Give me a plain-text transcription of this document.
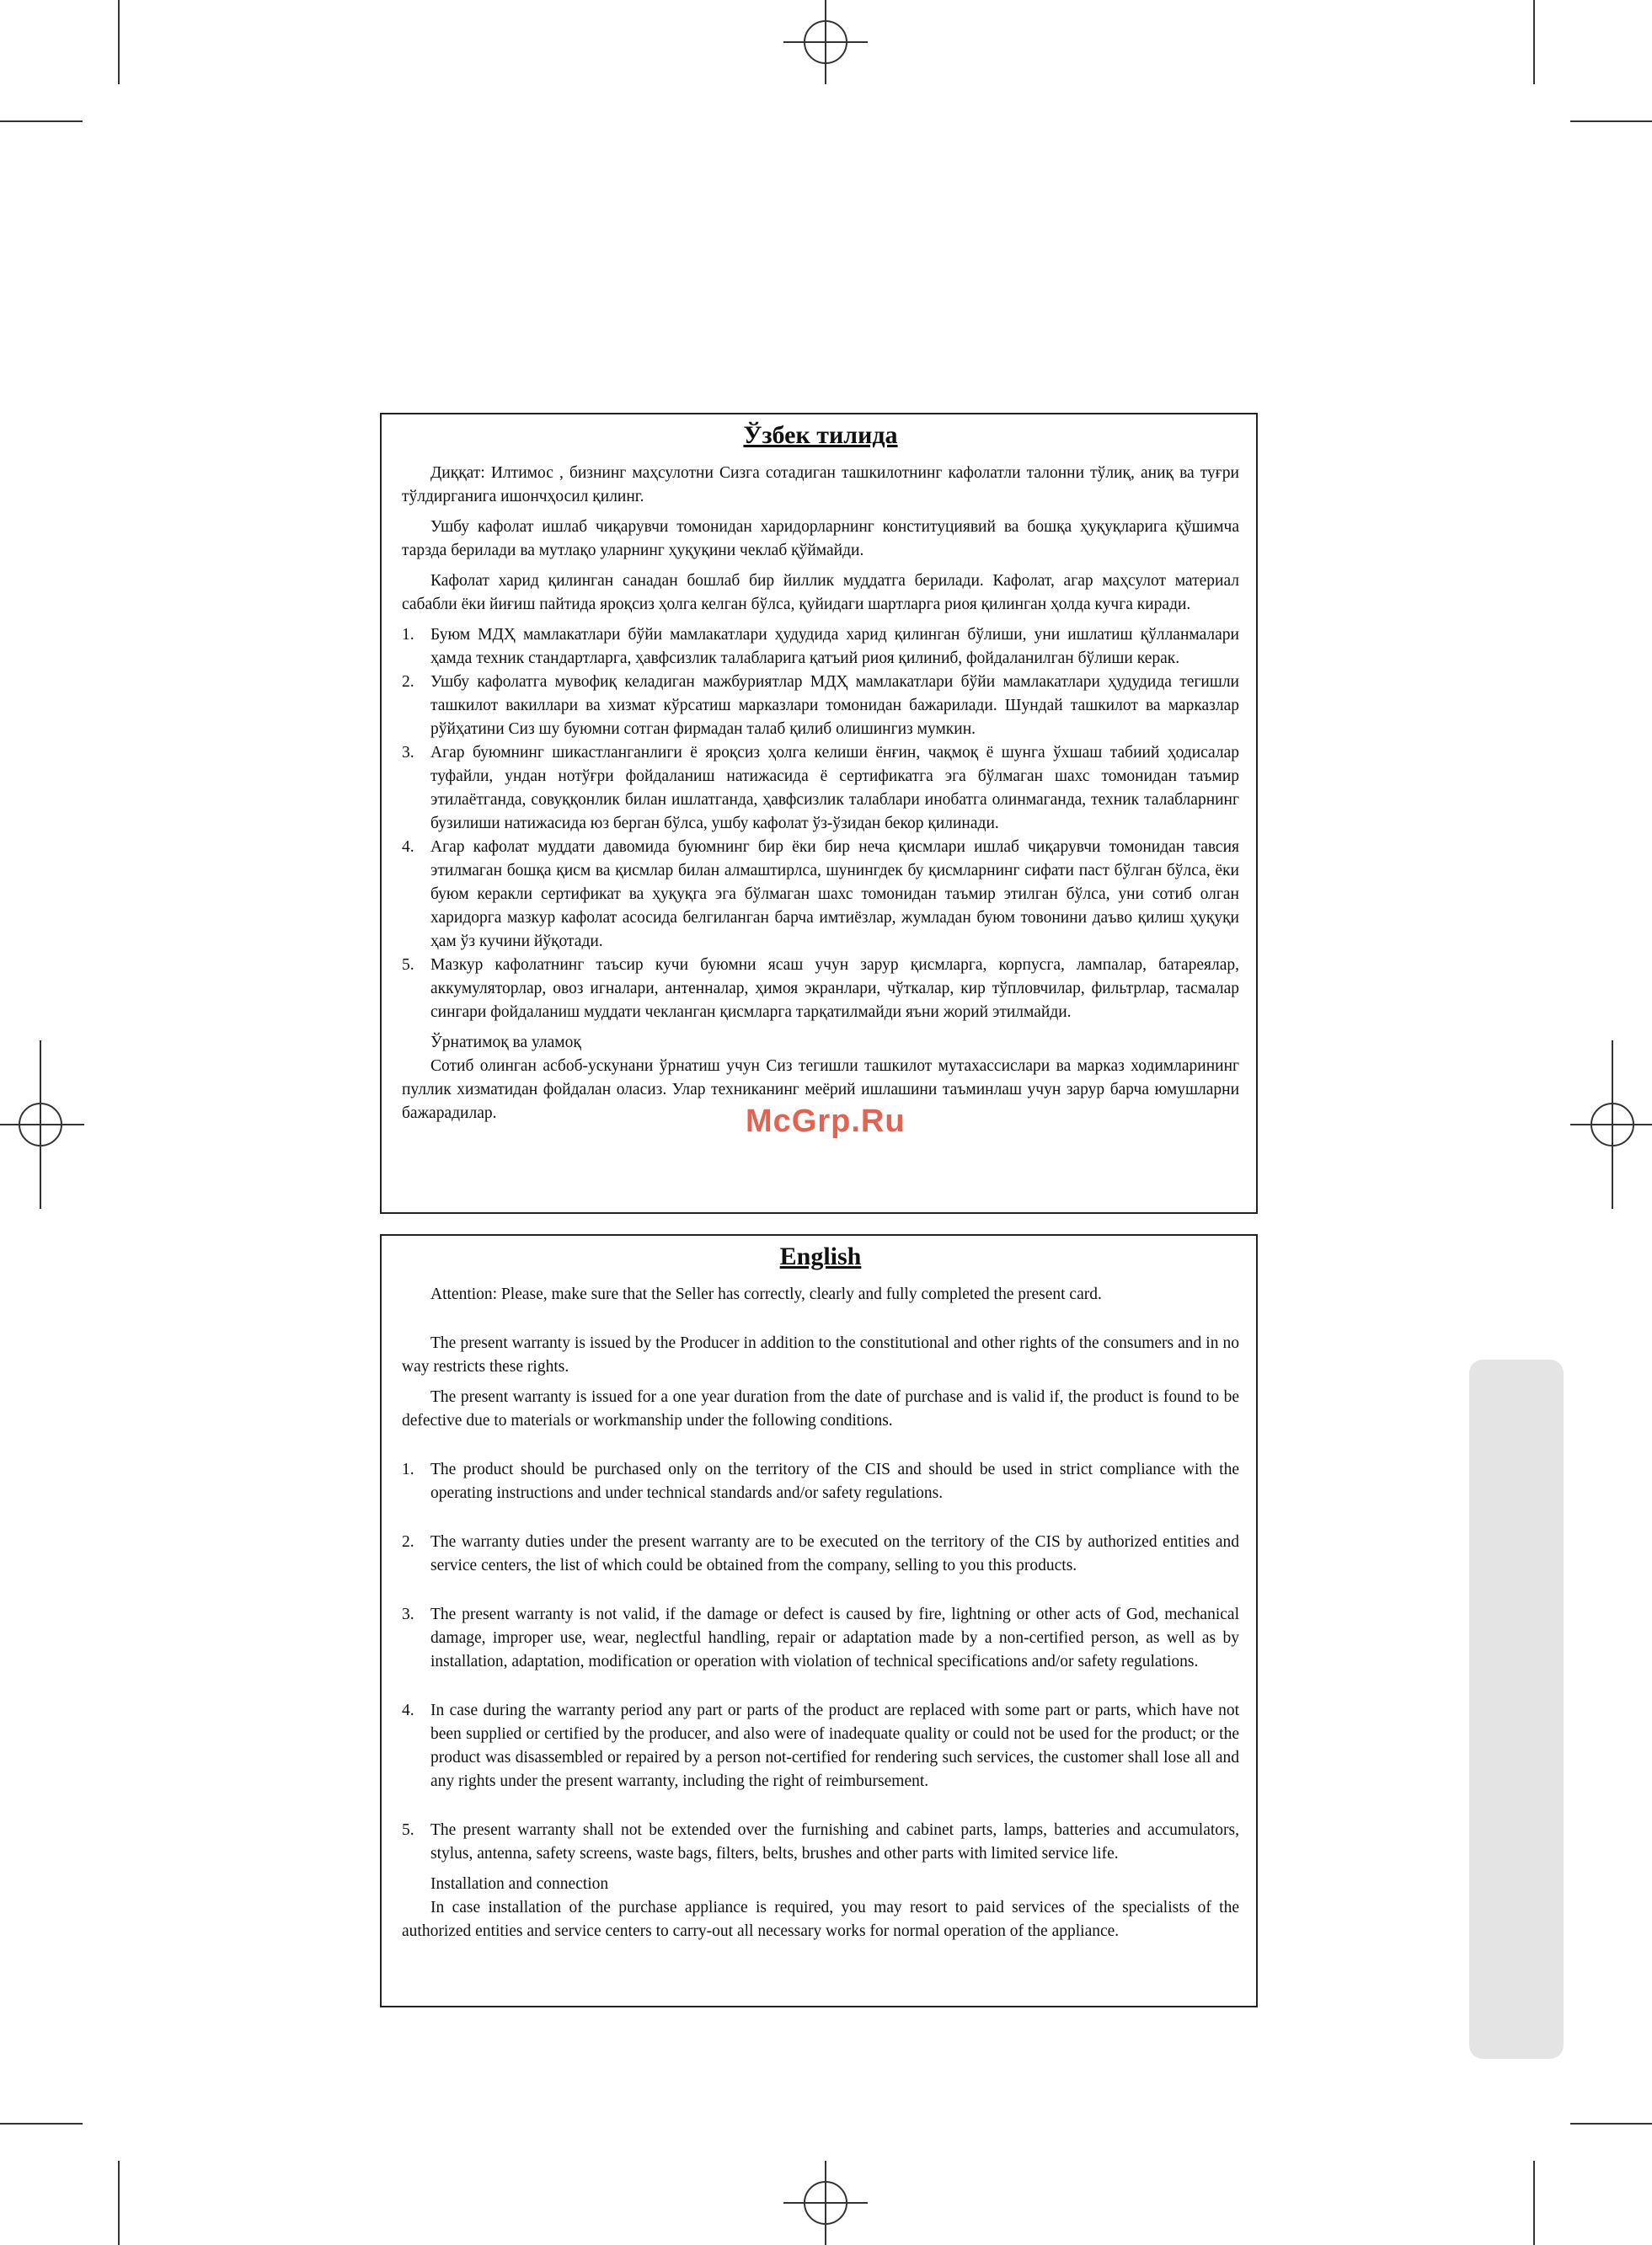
Ўзбек тилида

Диққат: Илтимос , бизнинг маҳсулотни Сизга сотадиган ташкилотнинг кафолатли талонни тўлиқ, аниқ ва туғри тўлдирганига ишончҳосил қилинг.

Ушбу кафолат ишлаб чиқарувчи томонидан харидорларнинг конституциявий ва бошқа ҳуқуқларига қўшимча тарзда берилади ва мутлақо уларнинг ҳуқуқини чеклаб қўймайди.

Кафолат харид қилинган санадан бошлаб бир йиллик муддатга берилади. Кафолат, агар маҳсулот материал сабабли ёки йиғиш пайтида яроқсиз ҳолга келган бўлса, қуйидаги шартларга риоя қилинган ҳолда кучга киради.

1. Буюм МДҲ мамлакатлари бўйи мамлакатлари ҳудудида харид қилинган бўлиши, уни ишлатиш қўлланмалари ҳамда техник стандартларга, ҳавфсизлик талабларига қатъий риоя қилиниб, фойдаланилган бўлиши керак.
2. Ушбу кафолатга мувофиқ келадиган мажбуриятлар МДҲ мамлакатлари бўйи мамлакатлари ҳудудида тегишли ташкилот вакиллари ва хизмат кўрсатиш марказлари томонидан бажарилади. Шундай ташкилот ва марказлар рўйҳатини Сиз шу буюмни сотган фирмадан талаб қилиб олишингиз мумкин.
3. Агар буюмнинг шикастланганлиги ё яроқсиз ҳолга келиши ёнғин, чақмоқ ё шунга ўхшаш табиий ҳодисалар туфайли, ундан нотўғри фойдаланиш натижасида ё сертификатга эга бўлмаган шахс томонидан таъмир этилаётганда, совуққонлик билан ишлатганда, ҳавфсизлик талаблари инобатга олинмаганда, техник талабларнинг бузилиши натижасида юз берган бўлса, ушбу кафолат ўз-ўзидан бекор қилинади.
4. Агар кафолат муддати давомида буюмнинг бир ёки бир неча қисмлари ишлаб чиқарувчи томонидан тавсия этилмаган бошқа қисм ва қисмлар билан алмаштирлса, шунингдек бу қисмларнинг сифати паст бўлган бўлса, ёки буюм керакли сертификат ва ҳуқуқга эга бўлмаган шахс томонидан таъмир этилган бўлса, уни сотиб олган харидорга мазкур кафолат асосида белгиланган барча имтиёзлар, жумладан буюм товонини даъво қилиш ҳуқуқи ҳам ўз кучини йўқотади.
5. Мазкур кафолатнинг таъсир кучи буюмни ясаш учун зарур қисмларга, корпусга, лампалар, батареялар, аккумуляторлар, овоз игналари, антенналар, ҳимоя экранлари, чўткалар, кир тўпловчилар, фильтрлар, тасмалар сингари фойдаланиш муддати чекланган қисмларга тарқатилмайди яъни жорий этилмайди.

Ўрнатимоқ ва уламоқ

Сотиб олинган асбоб-ускунани ўрнатиш учун Сиз тегишли ташкилот мутахассислари ва марказ ходимларининг пуллик хизматидан фойдалан оласиз. Улар техниканинг меёрий ишлашини таъминлаш учун зарур барча юмушларни бажарадилар.

English

Attention: Please, make sure that the Seller has correctly, clearly and fully completed the present card.

The present warranty is issued by the Producer in addition to the constitutional and other rights of the consumers and in no way restricts these rights.

The present warranty is issued for a one year duration from the date of purchase and is valid if, the product is found to be defective due to materials or workmanship under the following conditions.

1. The product should be purchased only on the territory of the CIS and should be used in strict compliance with the operating instructions and under technical standards and/or safety regulations.
2. The warranty duties under the present warranty are to be executed on the territory of the CIS by authorized entities and service centers, the list of which could be obtained from the company, selling to you this products.
3. The present warranty is not valid, if the damage or defect is caused by fire, lightning or other acts of God, mechanical damage, improper use, wear, neglectful handling, repair or adaptation made by a non-certified person, as well as by installation, adaptation, modification or operation with violation of technical specifications and/or safety regulations.
4. In case during the warranty period any part or parts of the product are replaced with some part or parts, which have not been supplied or certified by the producer, and also were of inadequate quality or could not be used for the product; or the product was disassembled or repaired by a person not-certified for rendering such services, the customer shall lose all and any rights under the present warranty, including the right of reimbursement.
5. The present warranty shall not be extended over the furnishing and cabinet parts, lamps, batteries and accumulators, stylus, antenna, safety screens, waste bags, filters, belts, brushes and other parts with limited service life.

Installation and connection

In case installation of the purchase appliance is required, you may resort to paid services of the specialists of the authorized entities and service centers to carry-out all necessary works for normal operation of the appliance.

McGrp.Ru
